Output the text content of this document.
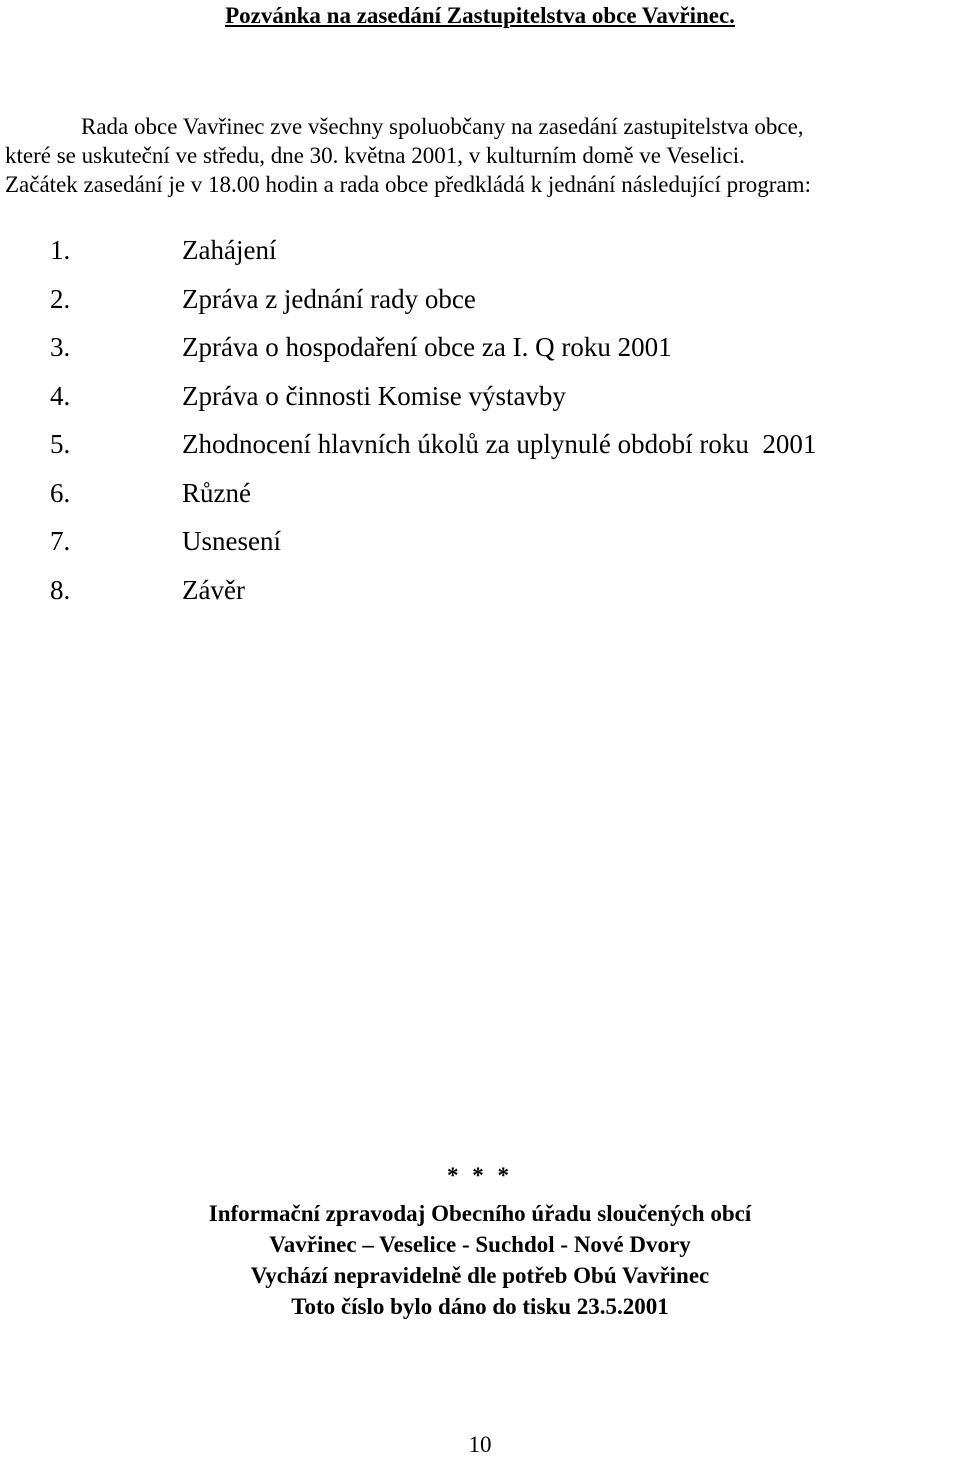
Pozvánka na zasedání Zastupitelstva obce Vavřinec.
Rada obce Vavřinec zve všechny spoluobčany na zasedání zastupitelstva obce,
které se uskuteční ve středu, dne 30. května 2001, v kulturním domě ve Veselici.
Začátek zasedání je v 18.00 hodin a rada obce předkládá k jednání následující program:
1.	Zahájení
2.	Zpráva z jednání rady obce
3.	Zpráva o hospodaření obce za I. Q roku 2001
4.	Zpráva o činnosti Komise výstavby
5.	Zhodnocení hlavních úkolů za uplynulé období roku  2001
6.	Různé
7.	Usnesení
8.	Závěr

* * *

Informační zpravodaj Obecního úřadu sloučených obcí
Vavřinec – Veselice - Suchdol - Nové Dvory
Vychází nepravidelně dle potřeb Obú Vavřinec
Toto číslo bylo dáno do tisku 23.5.2001

10
